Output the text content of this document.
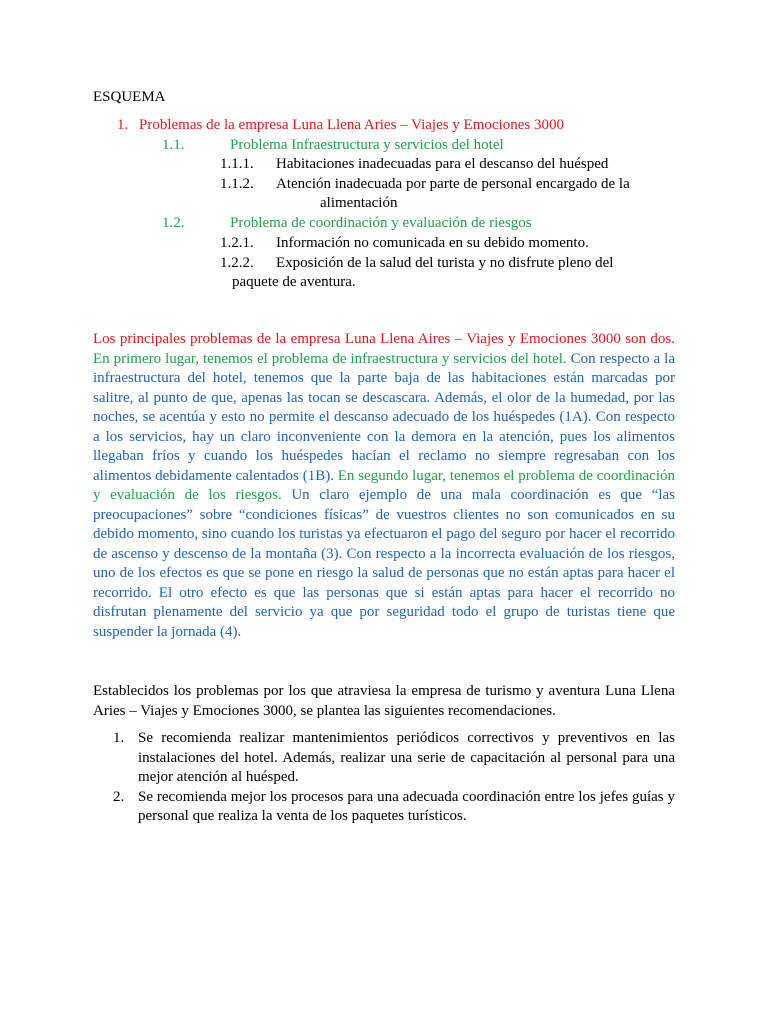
ESQUEMA
1. Problemas de la empresa Luna Llena Aries – Viajes y Emociones 3000
1.1.	Problema Infraestructura y servicios del hotel
1.1.1. Habitaciones inadecuadas para el descanso del huésped
1.1.2. Atención inadecuada por parte de personal encargado de la
alimentación
1.2.	Problema de coordinación y evaluación de riesgos
1.2.1. Información no comunicada en su debido momento.
1.2.2. Exposición de la salud del turista y no disfrute pleno del
paquete de aventura.
Los principales problemas de la empresa Luna Llena Aires – Viajes y Emociones 3000 son dos. En primero lugar, tenemos el problema de infraestructura y servicios del hotel. Con respecto a la infraestructura del hotel, tenemos que la parte baja de las habitaciones están marcadas por salitre, al punto de que, apenas las tocan se descascara. Además, el olor de la humedad, por las noches, se acentúa y esto no permite el descanso adecuado de los huéspedes (1A). Con respecto a los servicios, hay un claro inconveniente con la demora en la atención, pues los alimentos llegaban fríos y cuando los huéspedes hacían el reclamo no siempre regresaban con los alimentos debidamente calentados (1B). En segundo lugar, tenemos el problema de coordinación y evaluación de los riesgos. Un claro ejemplo de una mala coordinación es que “las preocupaciones” sobre “condiciones físicas” de vuestros clientes no son comunicados en su debido momento, sino cuando los turistas ya efectuaron el pago del seguro por hacer el recorrido de ascenso y descenso de la montaña (3). Con respecto a la incorrecta evaluación de los riesgos, uno de los efectos es que se pone en riesgo la salud de personas que no están aptas para hacer el recorrido. El otro efecto es que las personas que si están aptas para hacer el recorrido no disfrutan plenamente del servicio ya que por seguridad todo el grupo de turistas tiene que suspender la jornada (4).
Establecidos los problemas por los que atraviesa la empresa de turismo y aventura Luna Llena Aries – Viajes y Emociones 3000, se plantea las siguientes recomendaciones.
1. Se recomienda realizar mantenimientos periódicos correctivos y preventivos en las instalaciones del hotel. Además, realizar una serie de capacitación al personal para una mejor atención al huésped.
2. Se recomienda mejor los procesos para una adecuada coordinación entre los jefes guías y personal que realiza la venta de los paquetes turísticos.
